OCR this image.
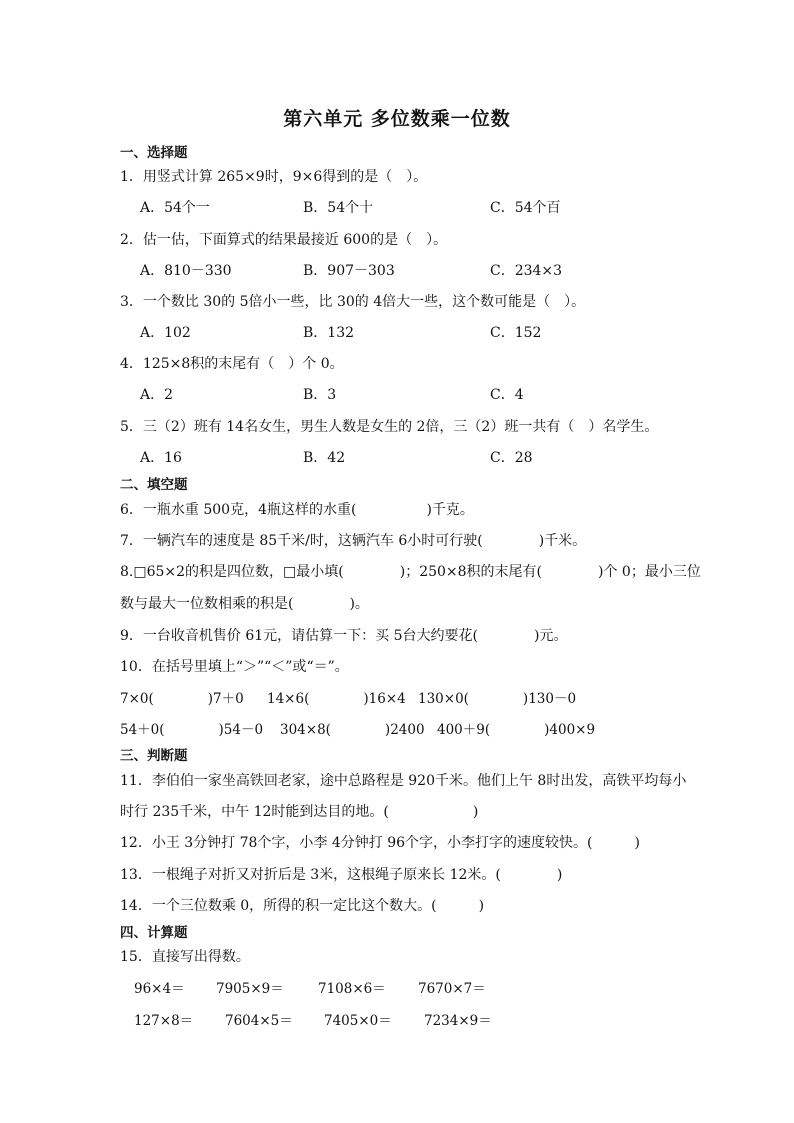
第六单元 多位数乘一位数
一、选择题
1．用竖式计算 265×9时，9×6得到的是（　）。
A．54个一	B．54个十	C．54个百
2．估一估，下面算式的结果最接近 600的是（　）。
A．810－330	B．907－303	C．234×3
3．一个数比 30的 5倍小一些，比 30的 4倍大一些，这个数可能是（　）。
A．102	B．132	C．152
4．125×8积的末尾有（　）个 0。
A．2	B．3	C．4
5．三（2）班有 14名女生，男生人数是女生的 2倍，三（2）班一共有（　）名学生。
A．16	B．42	C．28
二、填空题
6．一瓶水重 500克，4瓶这样的水重(　　　　　)千克。
7．一辆汽车的速度是 85千米/时，这辆汽车 6小时可行驶(　　　　)千米。
8.□65×2的积是四位数，□最小填(　　　　)；250×8积的末尾有(　　　　)个 0；最小三位
数与最大一位数相乘的积是(　　　　)。
9．一台收音机售价 61元，请估算一下：买 5台大约要花(　　　　)元。
10．在括号里填上“＞”“＜”或“＝”。
7×0(　　　　)7＋0 14×6(　　　　)16×4 130×0(　　　　)130－0
54＋0(　　　　)54－0 304×8(　　　　)2400 400＋9(　　　　)400×9
三、判断题
11．李伯伯一家坐高铁回老家，途中总路程是 920千米。他们上午 8时出发，高铁平均每小
时行 235千米，中午 12时能到达目的地。(　　　　　　)
12．小王 3分钟打 78个字，小李 4分钟打 96个字，小李打字的速度较快。(　　　)
13．一根绳子对折又对折后是 3米，这根绳子原来长 12米。(　　　　)
14．一个三位数乘 0，所得的积一定比这个数大。(　　　)
四、计算题
15．直接写出得数。
96×4＝ 7905×9＝	7108×6＝ 7670×7＝
127×8＝ 7604×5＝ 7405×0＝ 7234×9＝
